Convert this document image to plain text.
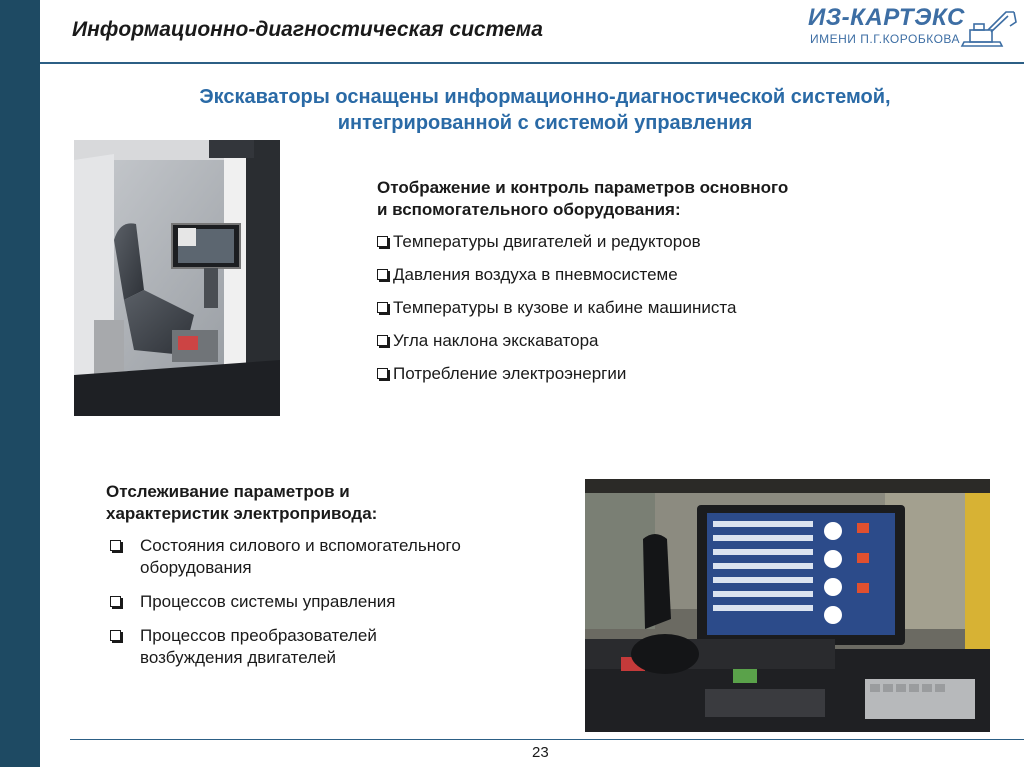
Информационно-диагностическая система	ИЗ-КАРТЭКС
ИМЕНИ П.Г.КОРОБКОВА
Экскаваторы оснащены информационно-диагностической системой,
интегрированной с системой управления
Отображение и контроль параметров основного
и вспомогательного оборудования:
Температуры двигателей и редукторов
Давления воздуха в пневмосистеме
Температуры в кузове и кабине машиниста
Угла наклона экскаватора
Потребление электроэнергии
Отслеживание параметров и
характеристик электропривода:
Состояния силового и вспомогательного
оборудования
Процессов системы управления
Процессов преобразователей
возбуждения двигателей
23
